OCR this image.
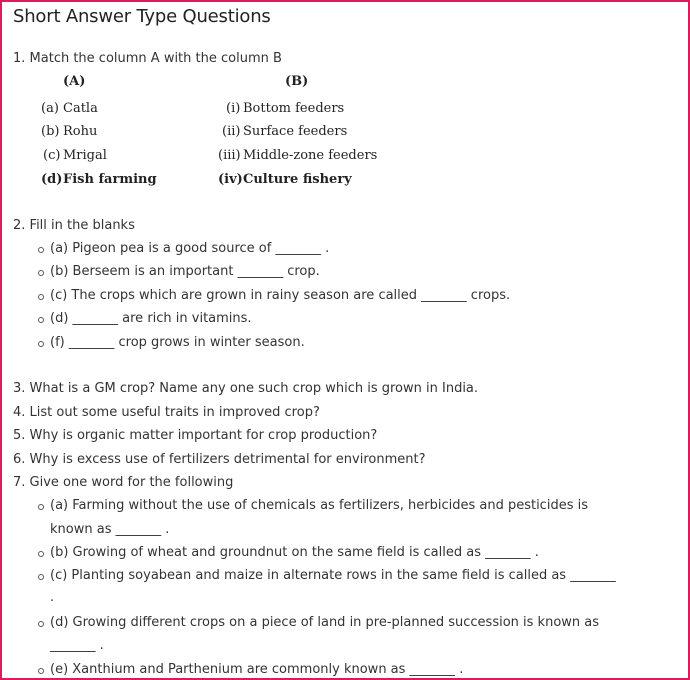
Short Answer Type Questions
1. Match the column A with the column B
(A)	(B)
(a) Catla	(i) Bottom feeders
(b) Rohu	(ii) Surface feeders
(c) Mrigal	(iii) Middle-zone feeders
(d) Fish farming	(iv) Culture fishery
2. Fill in the blanks
(a) Pigeon pea is a good source of _______ .
(b) Berseem is an important _______ crop.
(c) The crops which are grown in rainy season are called _______ crops.
(d) _______ are rich in vitamins.
(f) _______ crop grows in winter season.
3. What is a GM crop? Name any one such crop which is grown in India.
4. List out some useful traits in improved crop?
5. Why is organic matter important for crop production?
6. Why is excess use of fertilizers detrimental for environment?
7. Give one word for the following
(a) Farming without the use of chemicals as fertilizers, herbicides and pesticides is
known as _______ .
(b) Growing of wheat and groundnut on the same field is called as _______ .
(c) Planting soyabean and maize in alternate rows in the same field is called as _______
.
(d) Growing different crops on a piece of land in pre-planned succession is known as
_______ .
(e) Xanthium and Parthenium are commonly known as _______ .
